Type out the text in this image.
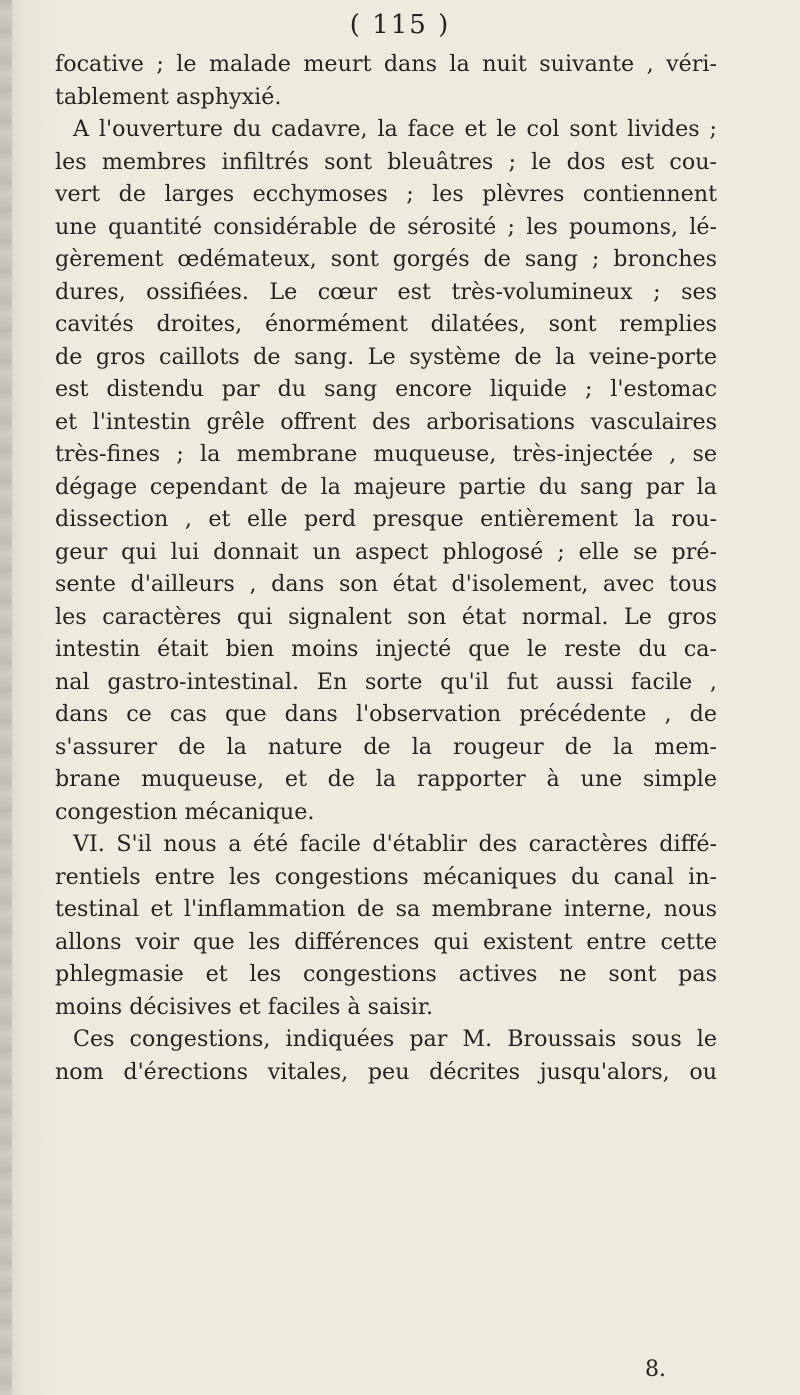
( 115 )
focative ; le malade meurt dans la nuit suivante , véri-
tablement asphyxié.
A l'ouverture du cadavre, la face et le col sont livides ;
les membres infiltrés sont bleuâtres ; le dos est cou-
vert de larges ecchymoses ; les plèvres contiennent
une quantité considérable de sérosité ; les poumons, lé-
gèrement œdémateux, sont gorgés de sang ; bronches
dures, ossifiées. Le cœur est très-volumineux ; ses
cavités droites, énormément dilatées, sont remplies
de gros caillots de sang. Le système de la veine-porte
est distendu par du sang encore liquide ; l'estomac
et l'intestin grêle offrent des arborisations vasculaires
très-fines ; la membrane muqueuse, très-injectée , se
dégage cependant de la majeure partie du sang par la
dissection , et elle perd presque entièrement la rou-
geur qui lui donnait un aspect phlogosé ; elle se pré-
sente d'ailleurs , dans son état d'isolement, avec tous
les caractères qui signalent son état normal. Le gros
intestin était bien moins injecté que le reste du ca-
nal gastro-intestinal. En sorte qu'il fut aussi facile ,
dans ce cas que dans l'observation précédente , de
s'assurer de la nature de la rougeur de la mem-
brane muqueuse, et de la rapporter à une simple
congestion mécanique.
VI. S'il nous a été facile d'établir des caractères diffé-
rentiels entre les congestions mécaniques du canal in-
testinal et l'inflammation de sa membrane interne, nous
allons voir que les différences qui existent entre cette
phlegmasie et les congestions actives ne sont pas
moins décisives et faciles à saisir.
Ces congestions, indiquées par M. Broussais sous le
nom d'érections vitales, peu décrites jusqu'alors, ou
8.
